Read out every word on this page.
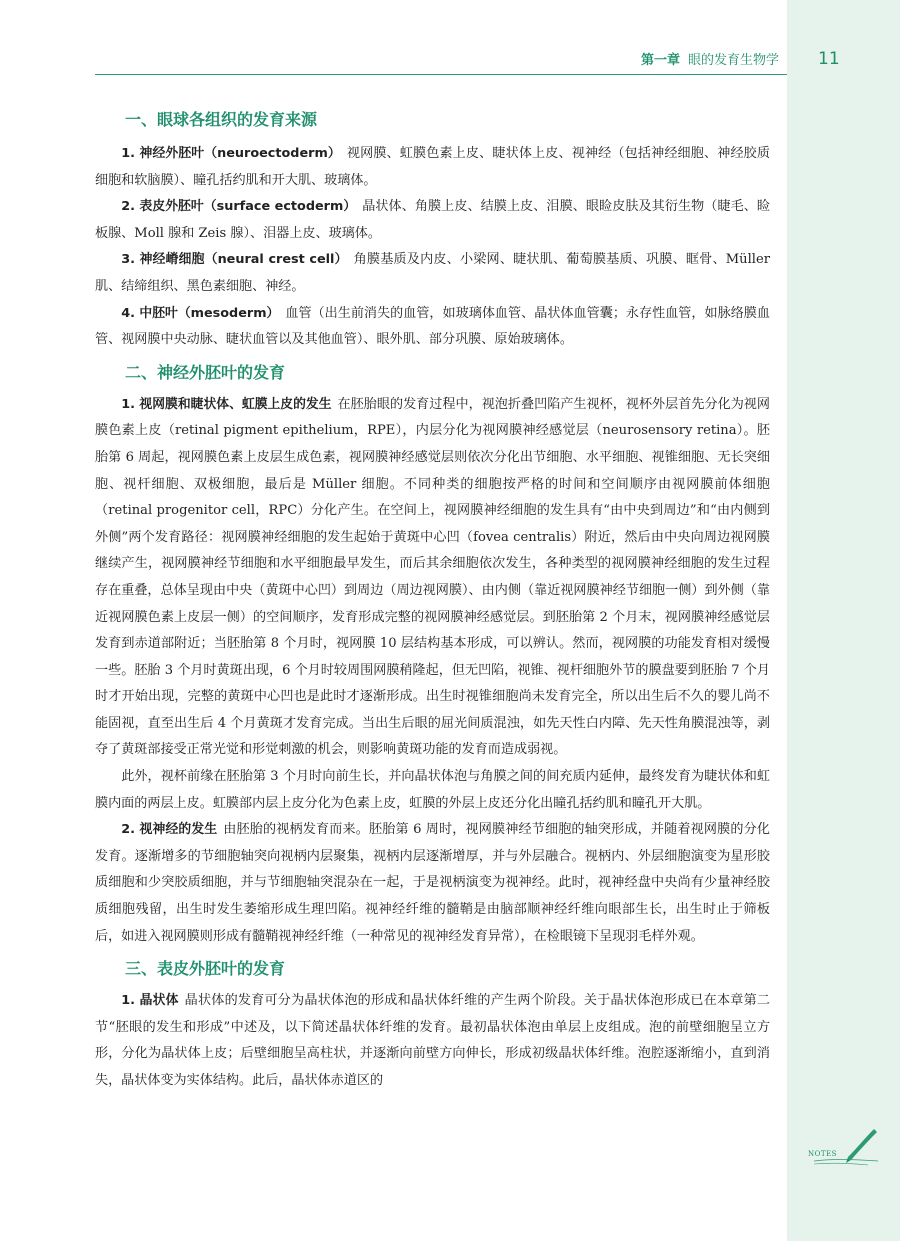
第一章 眼的发育生物学 11
一、眼球各组织的发育来源

1. 神经外胚叶（neuroectoderm） 视网膜、虹膜色素上皮、睫状体上皮、视神经（包括神经细胞、神经胶质细胞和软脑膜）、瞳孔括约肌和开大肌、玻璃体。

2. 表皮外胚叶（surface ectoderm） 晶状体、角膜上皮、结膜上皮、泪膜、眼睑皮肤及其衍生物（睫毛、睑板腺、Moll 腺和 Zeis 腺）、泪器上皮、玻璃体。

3. 神经嵴细胞（neural crest cell） 角膜基质及内皮、小梁网、睫状肌、葡萄膜基质、巩膜、眶骨、Müller 肌、结缔组织、黑色素细胞、神经。

4. 中胚叶（mesoderm） 血管（出生前消失的血管，如玻璃体血管、晶状体血管囊；永存性血管，如脉络膜血管、视网膜中央动脉、睫状血管以及其他血管）、眼外肌、部分巩膜、原始玻璃体。

二、神经外胚叶的发育

1. 视网膜和睫状体、虹膜上皮的发生 在胚胎眼的发育过程中，视泡折叠凹陷产生视杯，视杯外层首先分化为视网膜色素上皮（retinal pigment epithelium，RPE），内层分化为视网膜神经感觉层（neurosensory retina）。胚胎第 6 周起，视网膜色素上皮层生成色素，视网膜神经感觉层则依次分化出节细胞、水平细胞、视锥细胞、无长突细胞、视杆细胞、双极细胞，最后是 Müller 细胞。不同种类的细胞按严格的时间和空间顺序由视网膜前体细胞（retinal progenitor cell，RPC）分化产生。在空间上，视网膜神经细胞的发生具有“由中央到周边”和“由内侧到外侧”两个发育路径：视网膜神经细胞的发生起始于黄斑中心凹（fovea centralis）附近，然后由中央向周边视网膜继续产生，视网膜神经节细胞和水平细胞最早发生，而后其余细胞依次发生，各种类型的视网膜神经细胞的发生过程存在重叠，总体呈现由中央（黄斑中心凹）到周边（周边视网膜）、由内侧（靠近视网膜神经节细胞一侧）到外侧（靠近视网膜色素上皮层一侧）的空间顺序，发育形成完整的视网膜神经感觉层。到胚胎第 2 个月末，视网膜神经感觉层发育到赤道部附近；当胚胎第 8 个月时，视网膜 10 层结构基本形成，可以辨认。然而，视网膜的功能发育相对缓慢一些。胚胎 3 个月时黄斑出现，6 个月时较周围网膜稍隆起，但无凹陷，视锥、视杆细胞外节的膜盘要到胚胎 7 个月时才开始出现，完整的黄斑中心凹也是此时才逐渐形成。出生时视锥细胞尚未发育完全，所以出生后不久的婴儿尚不能固视，直至出生后 4 个月黄斑才发育完成。当出生后眼的屈光间质混浊，如先天性白内障、先天性角膜混浊等，剥夺了黄斑部接受正常光觉和形觉刺激的机会，则影响黄斑功能的发育而造成弱视。

此外，视杯前缘在胚胎第 3 个月时向前生长，并向晶状体泡与角膜之间的间充质内延伸，最终发育为睫状体和虹膜内面的两层上皮。虹膜部内层上皮分化为色素上皮，虹膜的外层上皮还分化出瞳孔括约肌和瞳孔开大肌。

2. 视神经的发生 由胚胎的视柄发育而来。胚胎第 6 周时，视网膜神经节细胞的轴突形成，并随着视网膜的分化发育。逐渐增多的节细胞轴突向视柄内层聚集，视柄内层逐渐增厚，并与外层融合。视柄内、外层细胞演变为星形胶质细胞和少突胶质细胞，并与节细胞轴突混杂在一起，于是视柄演变为视神经。此时，视神经盘中央尚有少量神经胶质细胞残留，出生时发生萎缩形成生理凹陷。视神经纤维的髓鞘是由脑部顺神经纤维向眼部生长，出生时止于筛板后，如进入视网膜则形成有髓鞘视神经纤维（一种常见的视神经发育异常），在检眼镜下呈现羽毛样外观。

三、表皮外胚叶的发育

1. 晶状体 晶状体的发育可分为晶状体泡的形成和晶状体纤维的产生两个阶段。关于晶状体泡形成已在本章第二节“胚眼的发生和形成”中述及，以下简述晶状体纤维的发育。最初晶状体泡由单层上皮组成。泡的前壁细胞呈立方形，分化为晶状体上皮；后壁细胞呈高柱状，并逐渐向前壁方向伸长，形成初级晶状体纤维。泡腔逐渐缩小，直到消失，晶状体变为实体结构。此后，晶状体赤道区的

NOTES
